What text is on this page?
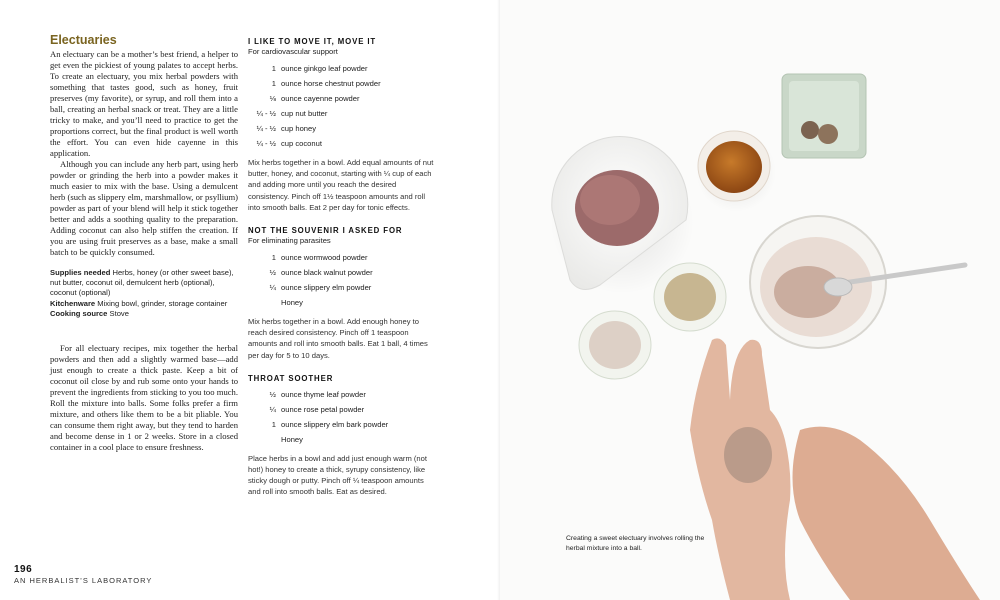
Electuaries

An electuary can be a mother’s best friend, a helper to get even the pickiest of young palates to accept herbs. To create an electuary, you mix herbal powders with something that tastes good, such as honey, fruit preserves (my favorite), or syrup, and roll them into a ball, creating an herbal snack or treat. They are a little tricky to make, and you’ll need to practice to get the proportions correct, but the final product is well worth the effort. You can even hide cayenne in this application.

Although you can include any herb part, using herb powder or grinding the herb into a powder makes it much easier to mix with the base. Using a demulcent herb (such as slippery elm, marshmallow, or psyllium) powder as part of your blend will help it stick together better and adds a soothing quality to the preparation. Adding coconut can also help stiffen the creation. If you are using fruit preserves as a base, make a small batch to be quickly consumed.

Supplies needed Herbs, honey (or other sweet base), nut butter, coconut oil, demulcent herb (optional), coconut (optional)

Kitchenware Mixing bowl, grinder, storage container

Cooking source Stove

For all electuary recipes, mix together the herbal powders and then add a slightly warmed base—add just enough to create a thick paste. Keep a bit of coconut oil close by and rub some onto your hands to prevent the ingredients from sticking to you too much. Roll the mixture into balls. Some folks prefer a firm mixture, and others like them to be a bit pliable. You can consume them right away, but they tend to harden and become dense in 1 or 2 weeks. Store in a closed container in a cool place to ensure freshness.

I LIKE TO MOVE IT, MOVE IT

For cardiovascular support

1 ounce ginkgo leaf powder
1 ounce horse chestnut powder
⅛ ounce cayenne powder
¼ - ½ cup nut butter
¼ - ½ cup honey
¼ - ½ cup coconut

Mix herbs together in a bowl. Add equal amounts of nut butter, honey, and coconut, starting with ¼ cup of each and adding more until you reach the desired consistency. Pinch off 1½ teaspoon amounts and roll into smooth balls. Eat 2 per day for tonic effects.

NOT THE SOUVENIR I ASKED FOR

For eliminating parasites

1 ounce wormwood powder
½ ounce black walnut powder
¼ ounce slippery elm powder
Honey

Mix herbs together in a bowl. Add enough honey to reach desired consistency. Pinch off 1 teaspoon amounts and roll into smooth balls. Eat 1 ball, 4 times per day for 5 to 10 days.

THROAT SOOTHER

½ ounce thyme leaf powder
¼ ounce rose petal powder
1 ounce slippery elm bark powder
Honey

Place herbs in a bowl and add just enough warm (not hot!) honey to create a thick, syrupy consistency, like sticky dough or putty. Pinch off ¼ teaspoon amounts and roll into smooth balls. Eat as desired.

196
AN HERBALIST’S LABORATORY
Creating a sweet electuary involves rolling the herbal mixture into a ball.
